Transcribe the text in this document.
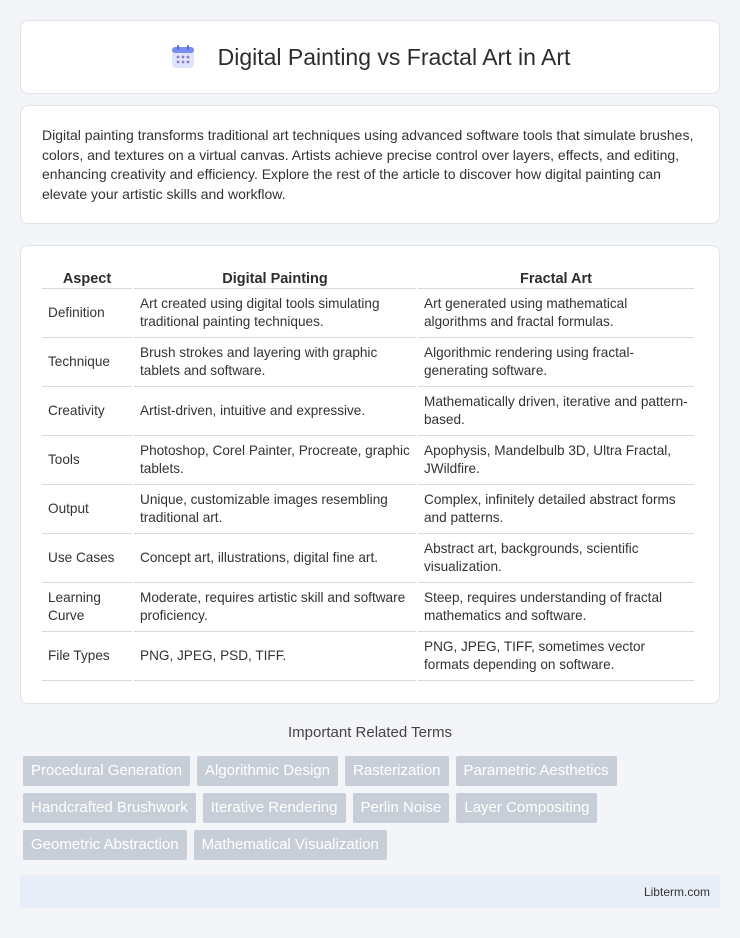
Digital Painting vs Fractal Art in Art

Digital painting transforms traditional art techniques using advanced software tools that simulate brushes, colors, and textures on a virtual canvas. Artists achieve precise control over layers, effects, and editing, enhancing creativity and efficiency. Explore the rest of the article to discover how digital painting can elevate your artistic skills and workflow.

Aspect	Digital Painting	Fractal Art
Definition	Art created using digital tools simulating traditional painting techniques.	Art generated using mathematical algorithms and fractal formulas.
Technique	Brush strokes and layering with graphic tablets and software.	Algorithmic rendering using fractal-generating software.
Creativity	Artist-driven, intuitive and expressive.	Mathematically driven, iterative and pattern-based.
Tools	Photoshop, Corel Painter, Procreate, graphic tablets.	Apophysis, Mandelbulb 3D, Ultra Fractal, JWildfire.
Output	Unique, customizable images resembling traditional art.	Complex, infinitely detailed abstract forms and patterns.
Use Cases	Concept art, illustrations, digital fine art.	Abstract art, backgrounds, scientific visualization.
Learning Curve	Moderate, requires artistic skill and software proficiency.	Steep, requires understanding of fractal mathematics and software.
File Types	PNG, JPEG, PSD, TIFF.	PNG, JPEG, TIFF, sometimes vector formats depending on software.
Important Related Terms
Procedural Generation	Algorithmic Design	Rasterization	Parametric Aesthetics
Handcrafted Brushwork	Iterative Rendering	Perlin Noise	Layer Compositing
Geometric Abstraction	Mathematical Visualization
Libterm.com
